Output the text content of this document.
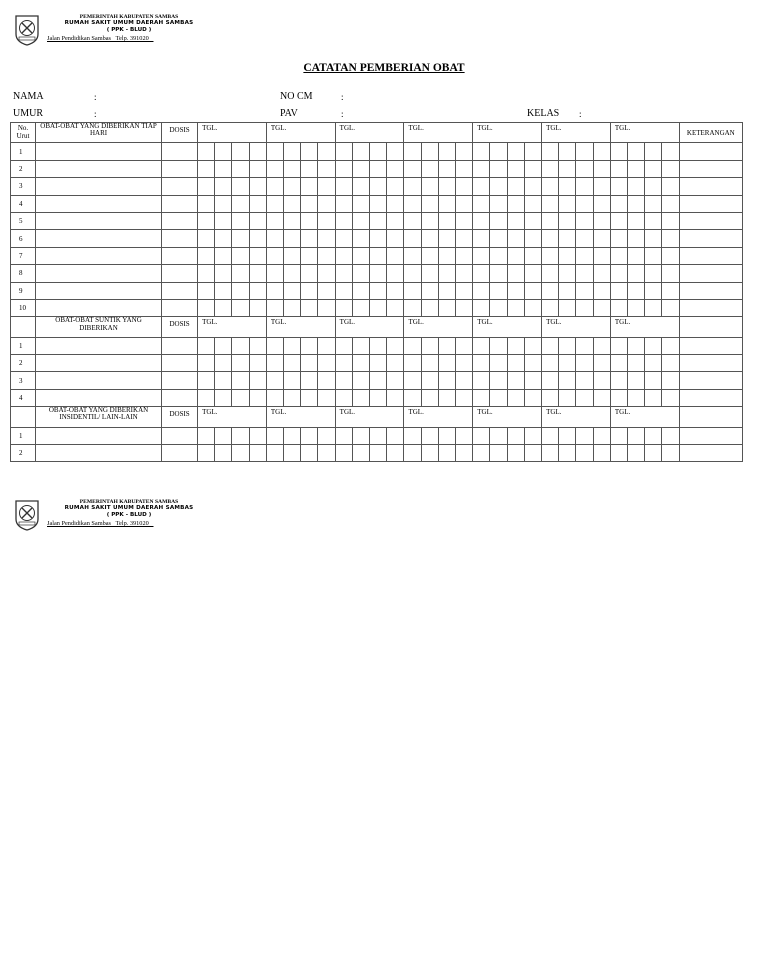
PEMERINTAH KABUPATEN SAMBAS
RUMAH SAKIT UMUM DAERAH SAMBAS
( PPK - BLUD )
Jalan Pendidikan Sambas   Telp. 391020
CATATAN PEMBERIAN OBAT
NAMA	:	NO CM	:
UMUR	:	PAV	:	KELAS :
No. Urut	OBAT-OBAT YANG DIBERIKAN TIAP HARI	DOSIS	TGL.				TGL.				TGL.				TGL.				TGL.				TGL.				TGL.				KETERANGAN
1																															
2																															
3																															
4																															
5																															
6																															
7																															
8																															
9																															
10																															
	OBAT-OBAT SUNTIK YANG DIBERIKAN	DOSIS	TGL.				TGL.				TGL.				TGL.				TGL.				TGL.				TGL.				
1																															
2																															
3																															
4																															
	OBAT-OBAT YANG DIBERIKAN INSIDENTIL/ LAIN-LAIN	DOSIS	TGL.				TGL.				TGL.				TGL.				TGL.				TGL.				TGL.				
1																															
2																															
PEMERINTAH KABUPATEN SAMBAS
RUMAH SAKIT UMUM DAERAH SAMBAS
( PPK - BLUD )
Jalan Pendidikan Sambas   Telp. 391020
